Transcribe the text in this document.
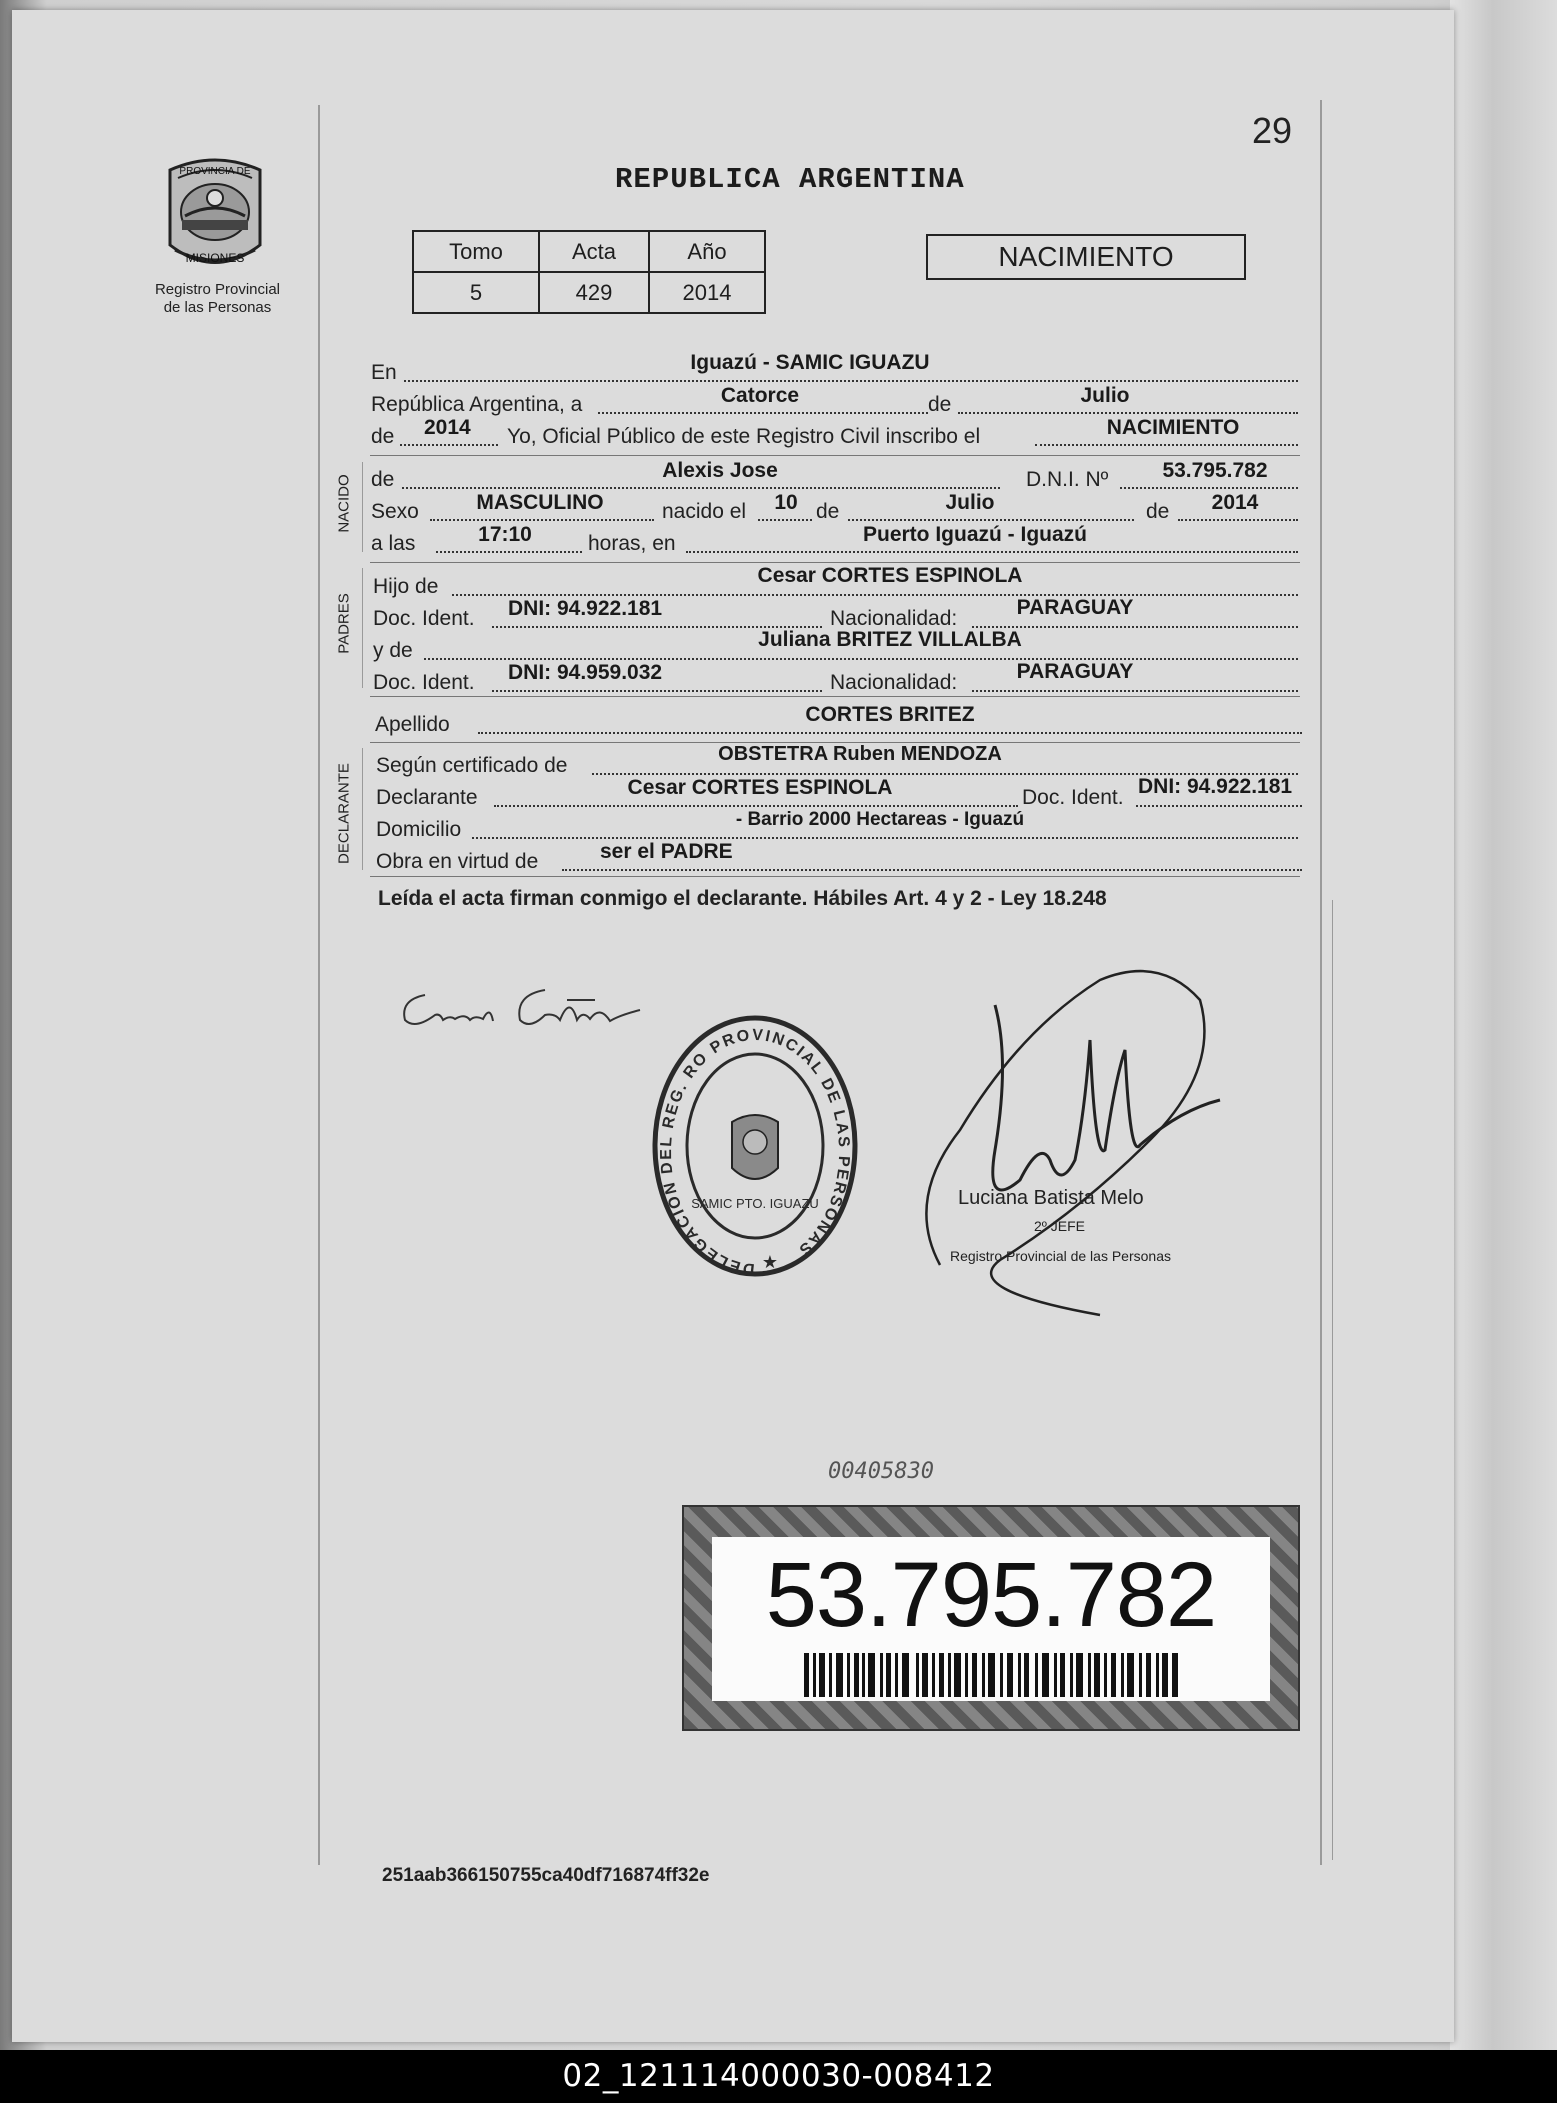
29
PROVINCIA DE
MISIONES
Registro Provincial
de las Personas
REPUBLICA ARGENTINA
Tomo	Acta	Año
5	429	2014
NACIMIENTO
En	Iguazú - SAMIC IGUAZU
República Argentina, a	Catorce	de	Julio
de 2014 Yo, Oficial Público de este Registro Civil inscribo el	NACIMIENTO
NACIDO de	Alexis Jose	D.N.I. Nº	53.795.782
Sexo	MASCULINO	nacido el	10 de	Julio	de	2014
a las	17:10	horas, en	Puerto Iguazú - Iguazú
PADRES
Hijo de	Cesar CORTES ESPINOLA
Doc. Ident. DNI: 94.922.181	Nacionalidad:	PARAGUAY
y de	Juliana BRITEZ VILLALBA
Doc. Ident. DNI: 94.959.032	Nacionalidad:	PARAGUAY
Apellido	CORTES BRITEZ
DECLARANTE Según certificado de	OBSTETRA Ruben MENDOZA
Declarante	Cesar CORTES ESPINOLA	Doc. Ident. DNI: 94.922.181
Domicilio	- Barrio 2000 Hectareas - Iguazú
Obra en virtud de	ser el PADRE
Leída el acta firman conmigo el declarante. Hábiles Art. 4 y 2 - Ley 18.248
DELEGACION DEL REG. RO PROVINCIAL DE LAS PERSONAS
SAMIC PTO. IGUAZU
★
Luciana Batista Melo
2º JEFE
Registro Provincial de las Personas
00405830
53.795.782
251aab366150755ca40df716874ff32e
02_121114000030-008412
